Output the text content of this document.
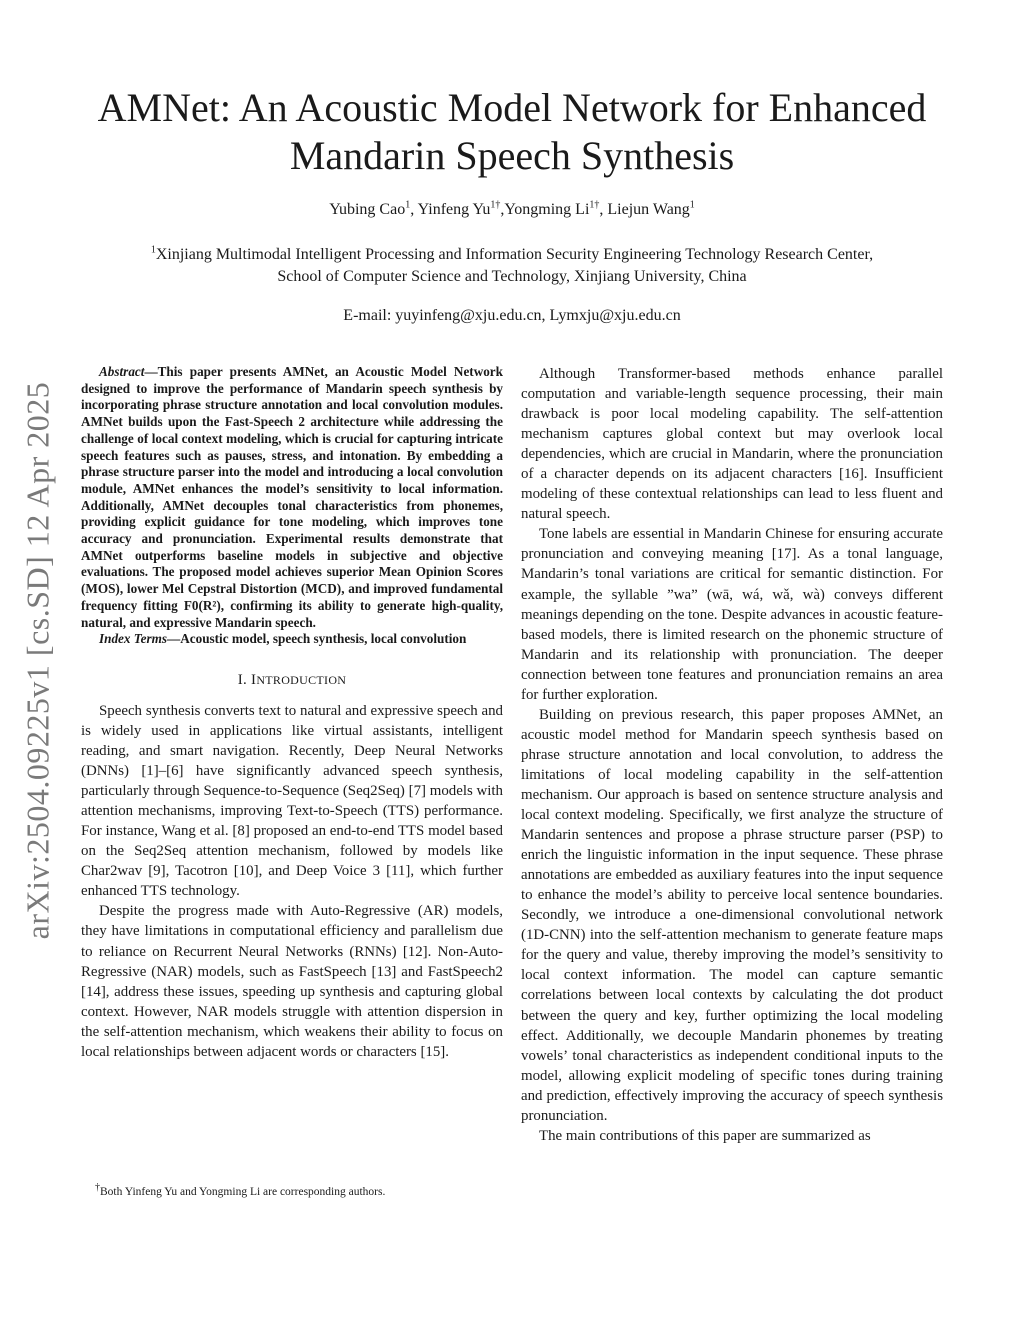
AMNet: An Acoustic Model Network for Enhanced Mandarin Speech Synthesis
Yubing Cao$^1$, Yinfeng $Yu^{1\dagger},Yongming$ $Li^{1\dagger}$, Liejun Wang$^1$
$^1$Xinjiang Multimodal Intelligent Processing and Information Security Engineering Technology Research Center,
School of Computer Science and Technology, Xinjiang University, China
E-mail: yuyinfeng@xju.edu.cn, Lymxju@xju.edu.cn
arXiv:2504.09225v1 [cs.SD] 12 Apr 2025

Abstract—This paper presents AMNet, an Acoustic Model Network designed to improve the performance of Mandarin speech synthesis by incorporating phrase structure annotation and local convolution modules. AMNet builds upon the Fast-Speech 2 architecture while addressing the challenge of local context modeling, which is crucial for capturing intricate speech features such as pauses, stress, and intonation. By embedding a phrase structure parser into the model and introducing a local convolution module, AMNet enhances the model’s sensitivity to local information. Additionally, AMNet decouples tonal characteristics from phonemes, providing explicit guidance for tone modeling, which improves tone accuracy and pronunciation. Experimental results demonstrate that AMNet outperforms baseline models in subjective and objective evaluations. The proposed model achieves superior Mean Opinion Scores (MOS), lower Mel Cepstral Distortion (MCD), and improved fundamental frequency fitting F0(R²), confirming its ability to generate high-quality, natural, and expressive Mandarin speech.

Index Terms—Acoustic model, speech synthesis, local convolution

I. INTRODUCTION

Speech synthesis converts text to natural and expressive speech and is widely used in applications like virtual assistants, intelligent reading, and smart navigation. Recently, Deep Neural Networks (DNNs) [1]–[6] have significantly advanced speech synthesis, particularly through Sequence-to-Sequence (Seq2Seq) [7] models with attention mechanisms, improving Text-to-Speech (TTS) performance. For instance, Wang et al. [8] proposed an end-to-end TTS model based on the Seq2Seq attention mechanism, followed by models like Char2wav [9], Tacotron [10], and Deep Voice 3 [11], which further enhanced TTS technology.

Despite the progress made with Auto-Regressive (AR) models, they have limitations in computational efficiency and parallelism due to reliance on Recurrent Neural Networks (RNNs) [12]. Non-Auto-Regressive (NAR) models, such as FastSpeech [13] and FastSpeech2 [14], address these issues, speeding up synthesis and capturing global context. However, NAR models struggle with attention dispersion in the self-attention mechanism, which weakens their ability to focus on local relationships between adjacent words or characters [15].

†Both Yinfeng Yu and Yongming Li are corresponding authors.

Although Transformer-based methods enhance parallel computation and variable-length sequence processing, their main drawback is poor local modeling capability. The self-attention mechanism captures global context but may overlook local dependencies, which are crucial in Mandarin, where the pronunciation of a character depends on its adjacent characters [16]. Insufficient modeling of these contextual relationships can lead to less fluent and natural speech.

Tone labels are essential in Mandarin Chinese for ensuring accurate pronunciation and conveying meaning [17]. As a tonal language, Mandarin’s tonal variations are critical for semantic distinction. For example, the syllable ”wa” (wā, wá, wǎ, wà) conveys different meanings depending on the tone. Despite advances in acoustic feature-based models, there is limited research on the phonemic structure of Mandarin and its relationship with pronunciation. The deeper connection between tone features and pronunciation remains an area for further exploration.

Building on previous research, this paper proposes AMNet, an acoustic model method for Mandarin speech synthesis based on phrase structure annotation and local convolution, to address the limitations of local modeling capability in the self-attention mechanism. Our approach is based on sentence structure analysis and local context modeling. Specifically, we first analyze the structure of Mandarin sentences and propose a phrase structure parser (PSP) to enrich the linguistic information in the input sequence. These phrase annotations are embedded as auxiliary features into the input sequence to enhance the model’s ability to perceive local sentence boundaries. Secondly, we introduce a one-dimensional convolutional network (1D-CNN) into the self-attention mechanism to generate feature maps for the query and value, thereby improving the model’s sensitivity to local context information. The model can capture semantic correlations between local contexts by calculating the dot product between the query and key, further optimizing the local modeling effect. Additionally, we decouple Mandarin phonemes by treating vowels’ tonal characteristics as independent conditional inputs to the model, allowing explicit modeling of specific tones during training and prediction, effectively improving the accuracy of speech synthesis pronunciation.

The main contributions of this paper are summarized as
